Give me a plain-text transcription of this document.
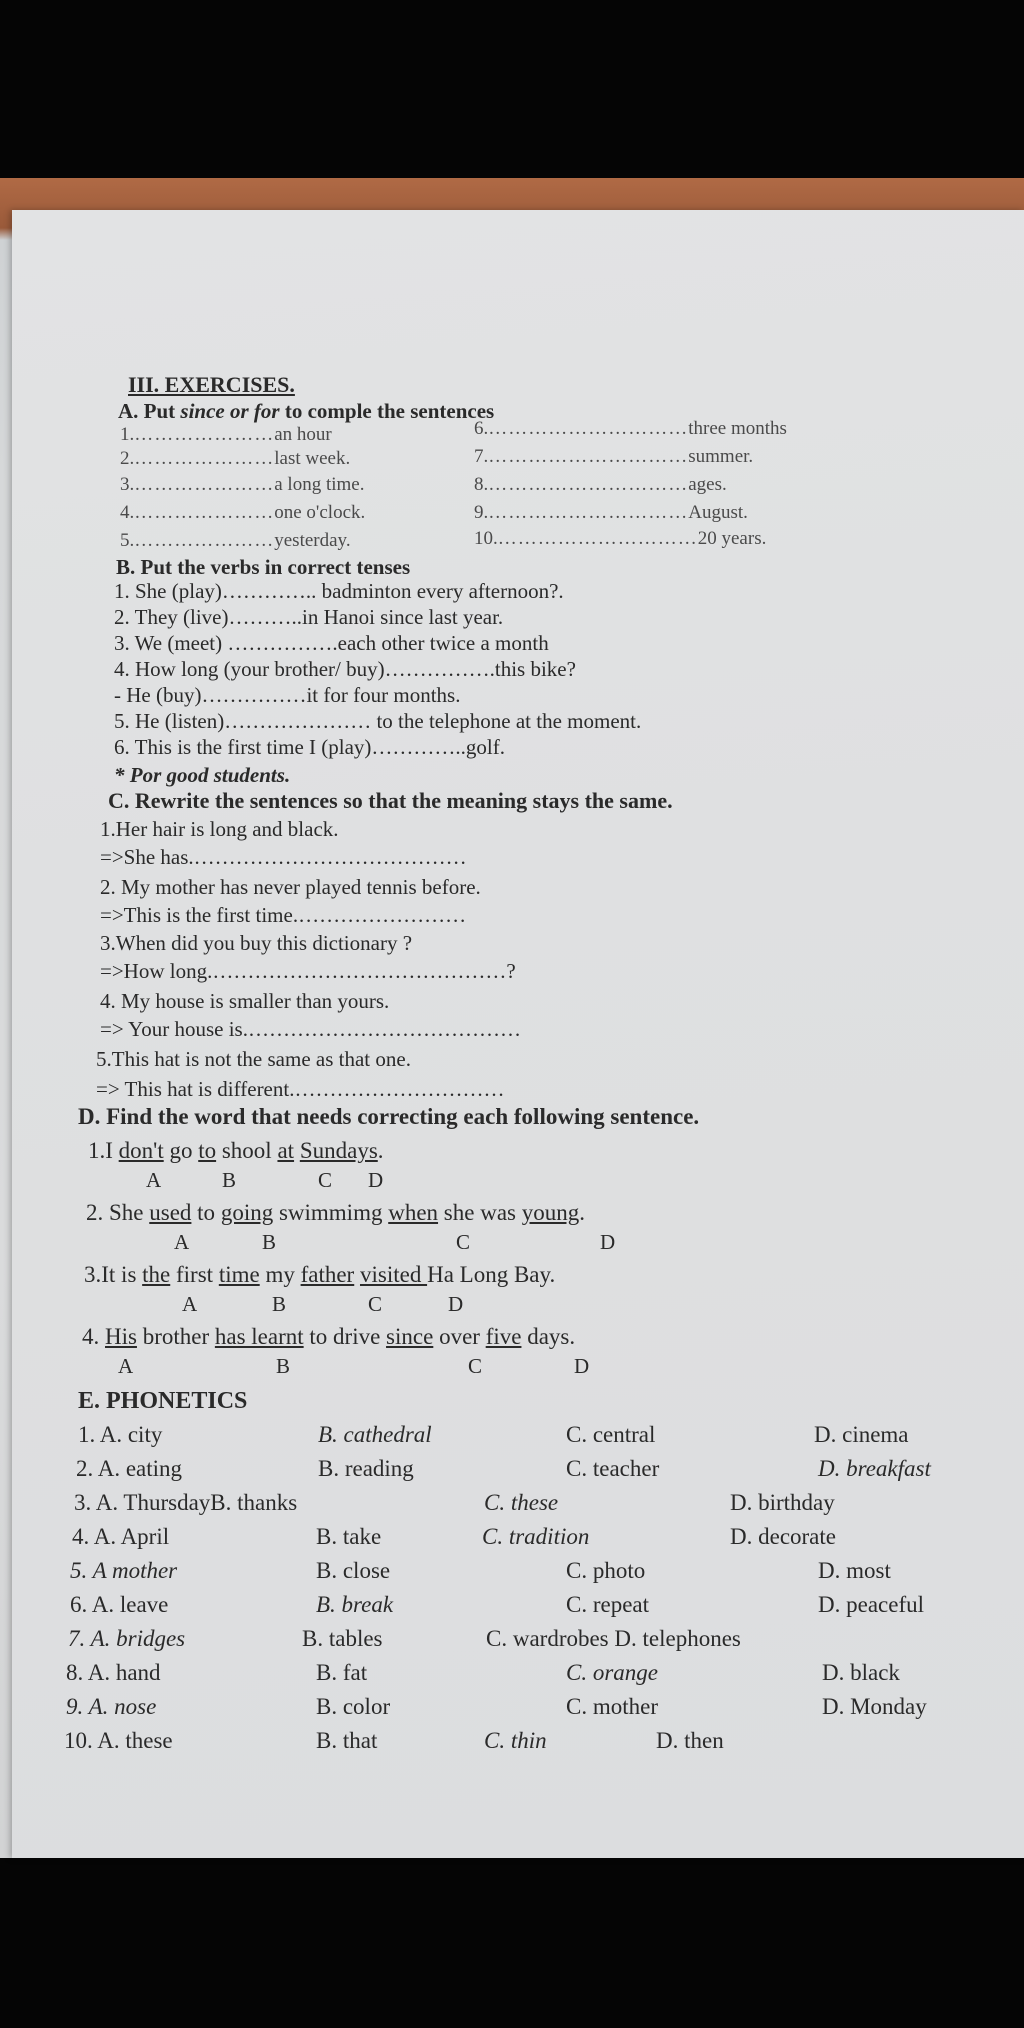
III. EXERCISES.
A. Put since or for to comple the sentences
1.…………………an hour
2.…………………last week.
3.…………………a long time.
4.…………………one o'clock.
5.…………………yesterday.
6.…………………………three months
7.…………………………summer.
8.…………………………ages.
9.…………………………August.
10.…………………………20 years.
B. Put the verbs in correct tenses
1. She (play)………….. badminton every afternoon?.
2. They (live)………..in Hanoi since last year.
3. We (meet) …………….each other twice a month
4. How long (your brother/ buy)…………….this bike?
- He (buy)……………it for four months.
5. He (listen)………………… to the telephone at the moment.
6. This is the first time I (play)…………..golf.
* Por good students.
C. Rewrite the sentences so that the meaning stays the same.
1.Her hair is long and black.
=>She has.…………………………………
2. My mother has never played tennis before.
=>This is the first time.……………………
3.When did you buy this dictionary ?
=>How long.……………………………………?
4. My house is smaller than yours.
=> Your house is.…………………………………
5.This hat is not the same as that one.
=> This hat is different.…………………………
D. Find the word that needs correcting each following sentence.
1.I don't go to shool at Sundays.
A	B	C D
2. She used to going swimmimg when she was young.
A	B	C	D
3.It is the first time my father visited Ha Long Bay.
A	B	C	D
4. His brother has learnt to drive since over five days.
A	B	C	D
E. PHONETICS
1. A. city	B. cathedral	C. central	D. cinema
2. A. eating	B. reading	C. teacher	D. breakfast
3. A. ThursdayB. thanks	C. these	D. birthday
4. A. April	B. take	C. tradition	D. decorate
5. A mother	B. close	C. photo	D. most
6. A. leave	B. break	C. repeat	D. peaceful
7. A. bridges	B. tables	C. wardrobes D. telephones
8. A. hand	B. fat	C. orange	D. black
9. A. nose	B. color	C. mother	D. Monday
10. A. these	B. that	C. thin	D. then
